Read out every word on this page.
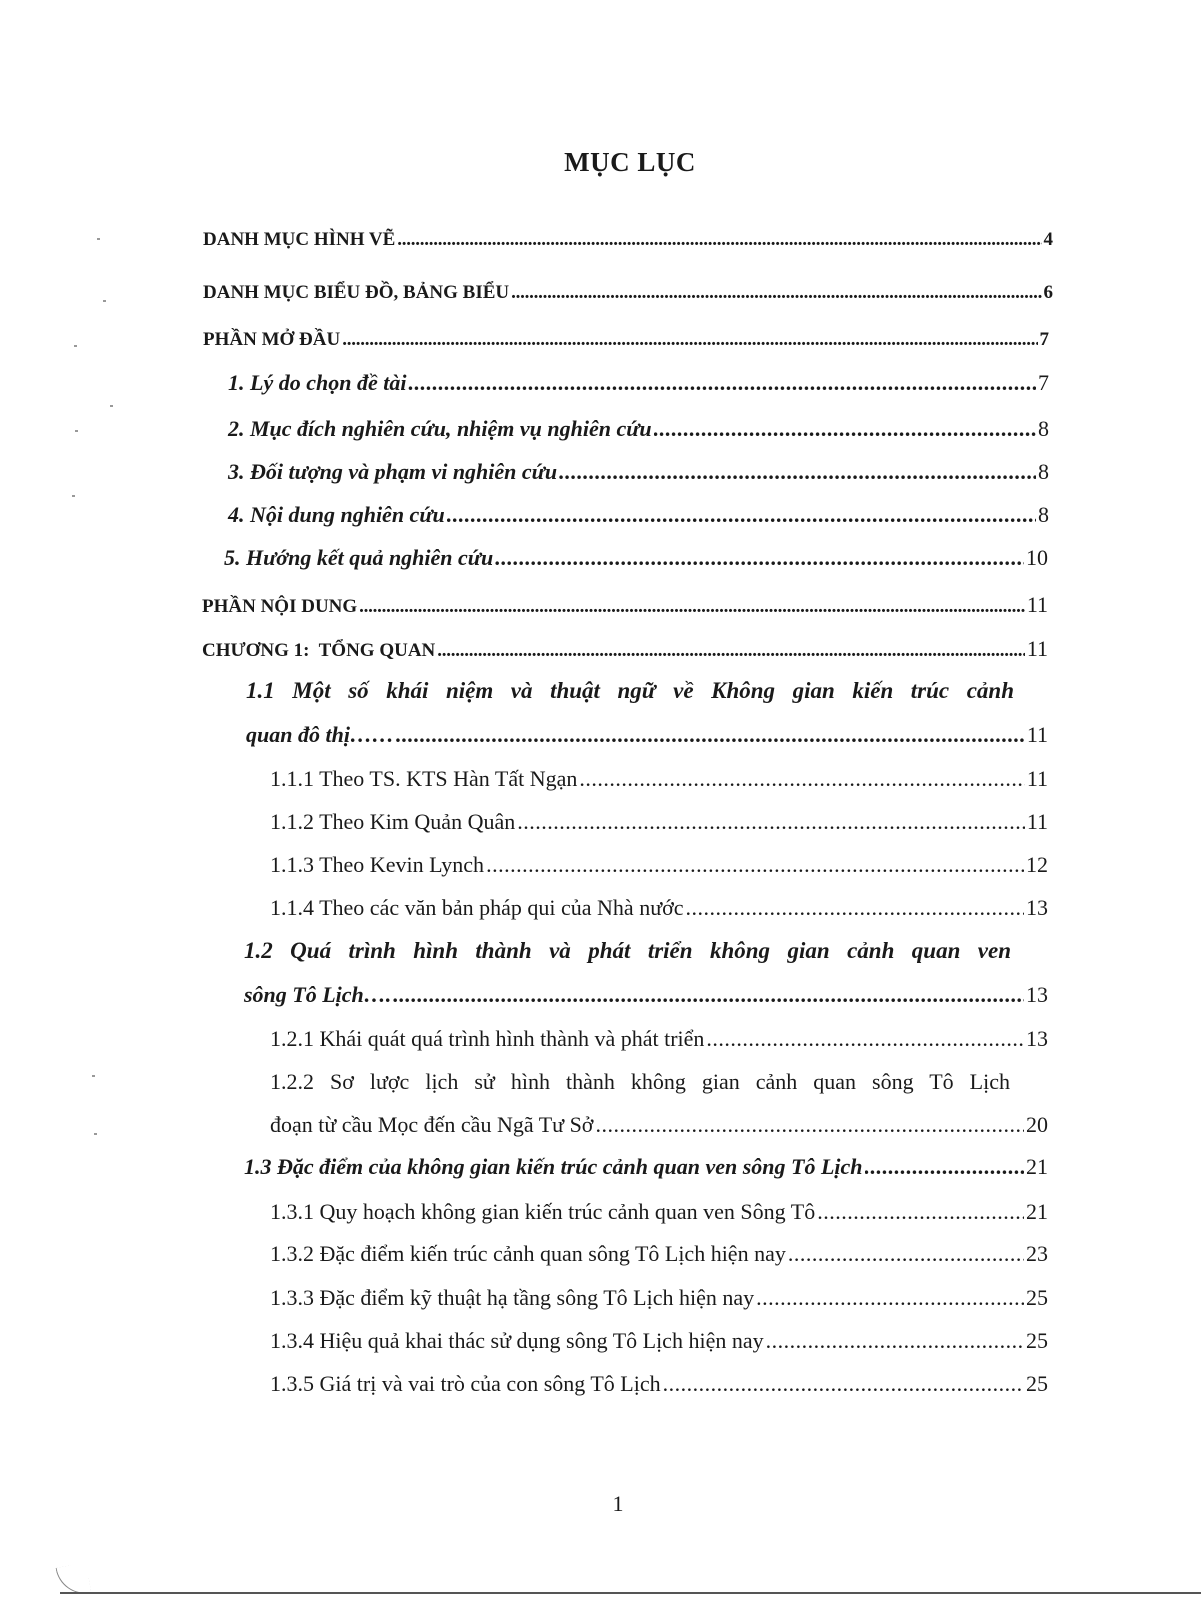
MỤC LỤC
DANH MỤC HÌNH VẼ . . .	4
DANH MỤC BIỂU ĐỒ, BẢNG BIỂU . . .	6
PHẦN MỞ ĐẦU . . .	7
1. Lý do chọn đề tài . . .	7
2. Mục đích nghiên cứu, nhiệm vụ nghiên cứu . . .	8
3. Đối tượng và phạm vi nghiên cứu . . .	8
4. Nội dung nghiên cứu . . .	8
5. Hướng kết quả nghiên cứu . . .	10
PHẦN NỘI DUNG . . .	11
CHƯƠNG 1:  TỔNG QUAN . . .	11
1.1 Một số khái niệm và thuật ngữ về Không gian kiến trúc cảnh
quan đô thị…… . . .	11
1.1.1 Theo TS. KTS Hàn Tất Ngạn . . .	11
1.1.2 Theo Kim Quản Quân . . .	11
1.1.3 Theo Kevin Lynch . . .	12
1.1.4 Theo các văn bản pháp qui của Nhà nước . . .	13
1.2 Quá trình hình thành và phát triển không gian cảnh quan ven
sông Tô Lịch…. . . .	13
1.2.1 Khái quát quá trình hình thành và phát triển . . .	13
1.2.2 Sơ lược lịch sử hình thành không gian cảnh quan sông Tô Lịch
đoạn từ cầu Mọc đến cầu Ngã Tư Sở . . .	20
1.3 Đặc điểm của không gian kiến trúc cảnh quan ven sông Tô Lịch . . .	21
1.3.1 Quy hoạch không gian kiến trúc cảnh quan ven Sông Tô . . .	21
1.3.2 Đặc điểm kiến trúc cảnh quan sông Tô Lịch hiện nay . . .	23
1.3.3 Đặc điểm kỹ thuật hạ tầng sông Tô Lịch hiện nay . . .	25
1.3.4 Hiệu quả khai thác sử dụng sông Tô Lịch hiện nay . . .	25
1.3.5 Giá trị và vai trò của con sông Tô Lịch . . .	25
1
